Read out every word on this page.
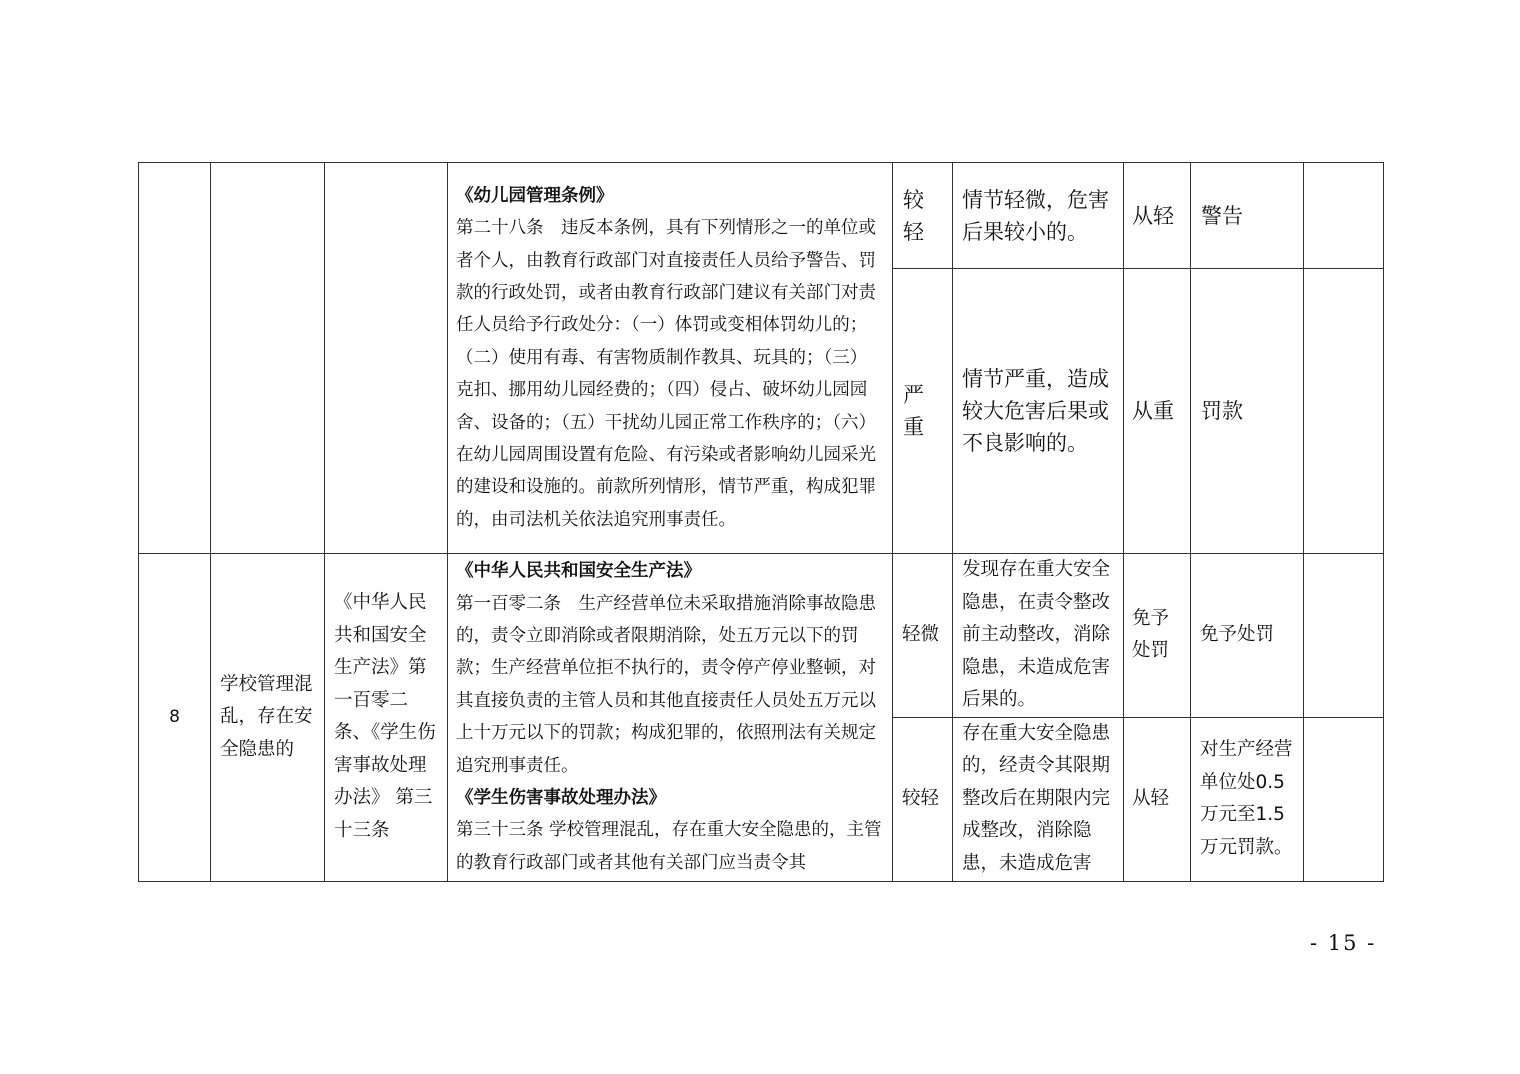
			《幼儿园管理条例》
第二十八条　违反本条例，具有下列情形之一的单位或者个人，由教育行政部门对直接责任人员给予警告、罚款的行政处罚，或者由教育行政部门建议有关部门对责任人员给予行政处分：（一）体罚或变相体罚幼儿的；（二）使用有毒、有害物质制作教具、玩具的；（三）克扣、挪用幼儿园经费的；（四）侵占、破坏幼儿园园舍、设备的；（五）干扰幼儿园正常工作秩序的；（六）在幼儿园周围设置有危险、有污染或者影响幼儿园采光的建设和设施的。前款所列情形，情节严重，构成犯罪的，由司法机关依法追究刑事责任。	较轻	情节轻微，危害后果较小的。	从轻	警告	
				严重	情节严重，造成较大危害后果或不良影响的。	从重	罚款	
8	学校管理混乱，存在安全隐患的	《中华人民共和国安全生产法》第一百零二条、《学生伤害事故处理办法》 第三十三条	《中华人民共和国安全生产法》
第一百零二条　生产经营单位未采取措施消除事故隐患的，责令立即消除或者限期消除，处五万元以下的罚款；生产经营单位拒不执行的，责令停产停业整顿，对其直接负责的主管人员和其他直接责任人员处五万元以上十万元以下的罚款；构成犯罪的，依照刑法有关规定追究刑事责任。
《学生伤害事故处理办法》
第三十三条 学校管理混乱，存在重大安全隐患的，主管的教育行政部门或者其他有关部门应当责令其	轻微	发现存在重大安全隐患，在责令整改前主动整改，消除隐患，未造成危害后果的。	免予处罚	免予处罚	
				较轻	存在重大安全隐患的，经责令其限期整改后在期限内完成整改，消除隐患，未造成危害	从轻	对生产经营单位处0.5 万元至1.5 万元罚款。	
- 15 -
